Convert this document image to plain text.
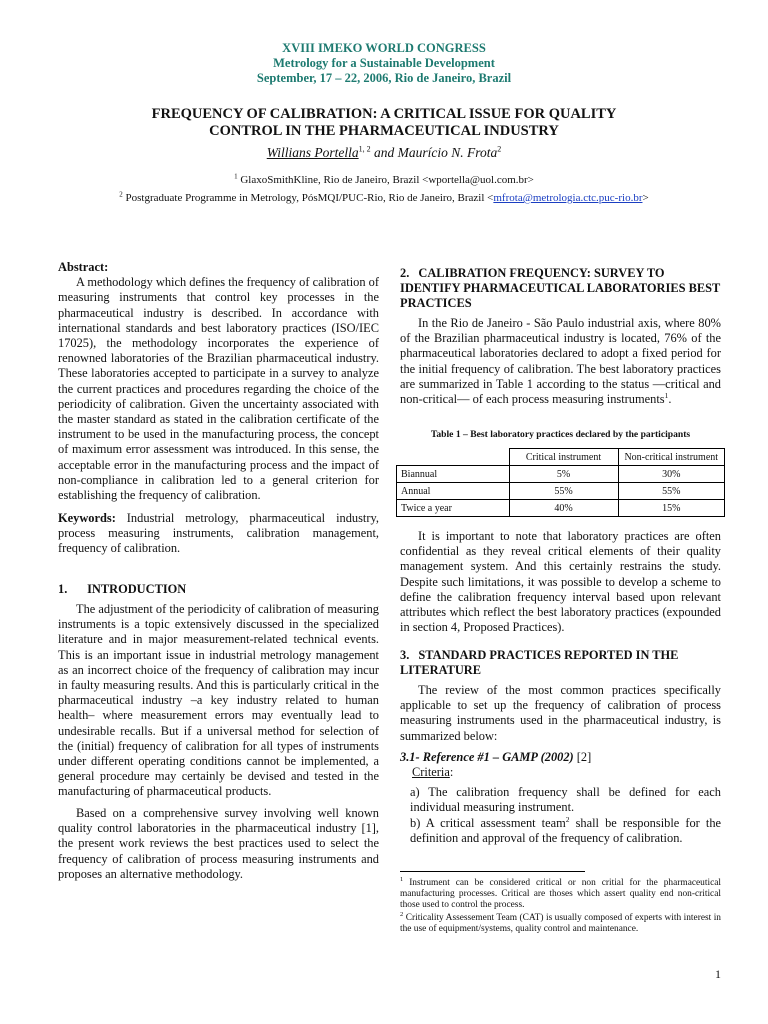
XVIII IMEKO WORLD CONGRESS
Metrology for a Sustainable Development
September, 17 – 22, 2006, Rio de Janeiro, Brazil
FREQUENCY OF CALIBRATION: A CRITICAL ISSUE FOR QUALITY
CONTROL IN THE PHARMACEUTICAL INDUSTRY
Willians Portella$^{1, 2}$ and Maurício N. Frota$^2$
$^1$ GlaxoSmithKline, Rio de Janeiro, Brazil <wportella@uol.com.br>
$^2$ Postgraduate Programme in Metrology, PósMQI/PUC-Rio, Rio de Janeiro, Brazil <mfrota@metrologia.ctc.puc-rio.br>
Abstract:

A methodology which defines the frequency of calibration of measuring instruments that control key processes in the pharmaceutical industry is described. In accordance with international standards and best laboratory practices (ISO/IEC 17025), the methodology incorporates the experience of renowned laboratories of the Brazilian pharmaceutical industry. These laboratories accepted to participate in a survey to analyze the current practices and procedures regarding the choice of the periodicity of calibration. Given the uncertainty associated with the master standard as stated in the calibration certificate of the instrument to be used in the manufacturing process, the concept of maximum error assessment was introduced. In this sense, the acceptable error in the manufacturing process and the impact of non-compliance in calibration led to a general criterion for establishing the frequency of calibration.

Keywords: Industrial metrology, pharmaceutical industry, process measuring instruments, calibration management, frequency of calibration.
1. INTRODUCTION

The adjustment of the periodicity of calibration of measuring instruments is a topic extensively discussed in the specialized literature and in major measurement-related technical events. This is an important issue in industrial metrology management as an incorrect choice of the frequency of calibration may incur in faulty measuring results. And this is particularly critical in the pharmaceutical industry –a key industry related to human health– where measurement errors may eventually lead to undesirable recalls. But if a universal method for selection of the (initial) frequency of calibration for all types of instruments under different operating conditions cannot be implemented, a general procedure may certainly be devised and tested in the manufacturing of pharmaceutical products.

Based on a comprehensive survey involving well known quality control laboratories in the pharmaceutical industry [1], the present work reviews the best practices used to select the frequency of calibration of process measuring instruments and proposes an alternative methodology.

2. CALIBRATION FREQUENCY: SURVEY TO IDENTIFY PHARMACEUTICAL LABORATORIES BEST PRACTICES

In the Rio de Janeiro - São Paulo industrial axis, where 80% of the Brazilian pharmaceutical industry is located, 76% of the pharmaceutical laboratories declared to adopt a fixed period for the initial frequency of calibration. The best laboratory practices are summarized in Table 1 according to the status —critical and non-critical— of each process measuring instruments$^1$.

Table 1 – Best laboratory practices declared by the participants
	Critical instrument	Non-critical instrument
Biannual	5%	30%
Annual	55%	55%
Twice a year	40%	15%

It is important to note that laboratory practices are often confidential as they reveal critical elements of their quality management system. And this certainly restrains the study. Despite such limitations, it was possible to develop a scheme to define the calibration frequency interval based upon relevant attributes which reflect the best laboratory practices (expounded in section 4, Proposed Practices).

3. STANDARD PRACTICES REPORTED IN THE LITERATURE

The review of the most common practices specifically applicable to set up the frequency of calibration of process measuring instruments used in the pharmaceutical industry, is summarized below:

3.1- Reference #1 – GAMP (2002) [2]
Criteria:
a) The calibration frequency shall be defined for each individual measuring instrument.
b) A critical assessment team$^2$ shall be responsible for the definition and approval of the frequency of calibration.
$^1$ Instrument can be considered critical or non critial for the pharmaceutical manufacturing processes. Critical are thoses which assert quality end non-critical those used to control the process.
$^2$ Criticality Assessement Team (CAT) is usually composed of experts with interest in the use of equipment/systems, quality control and maintenance.
1
